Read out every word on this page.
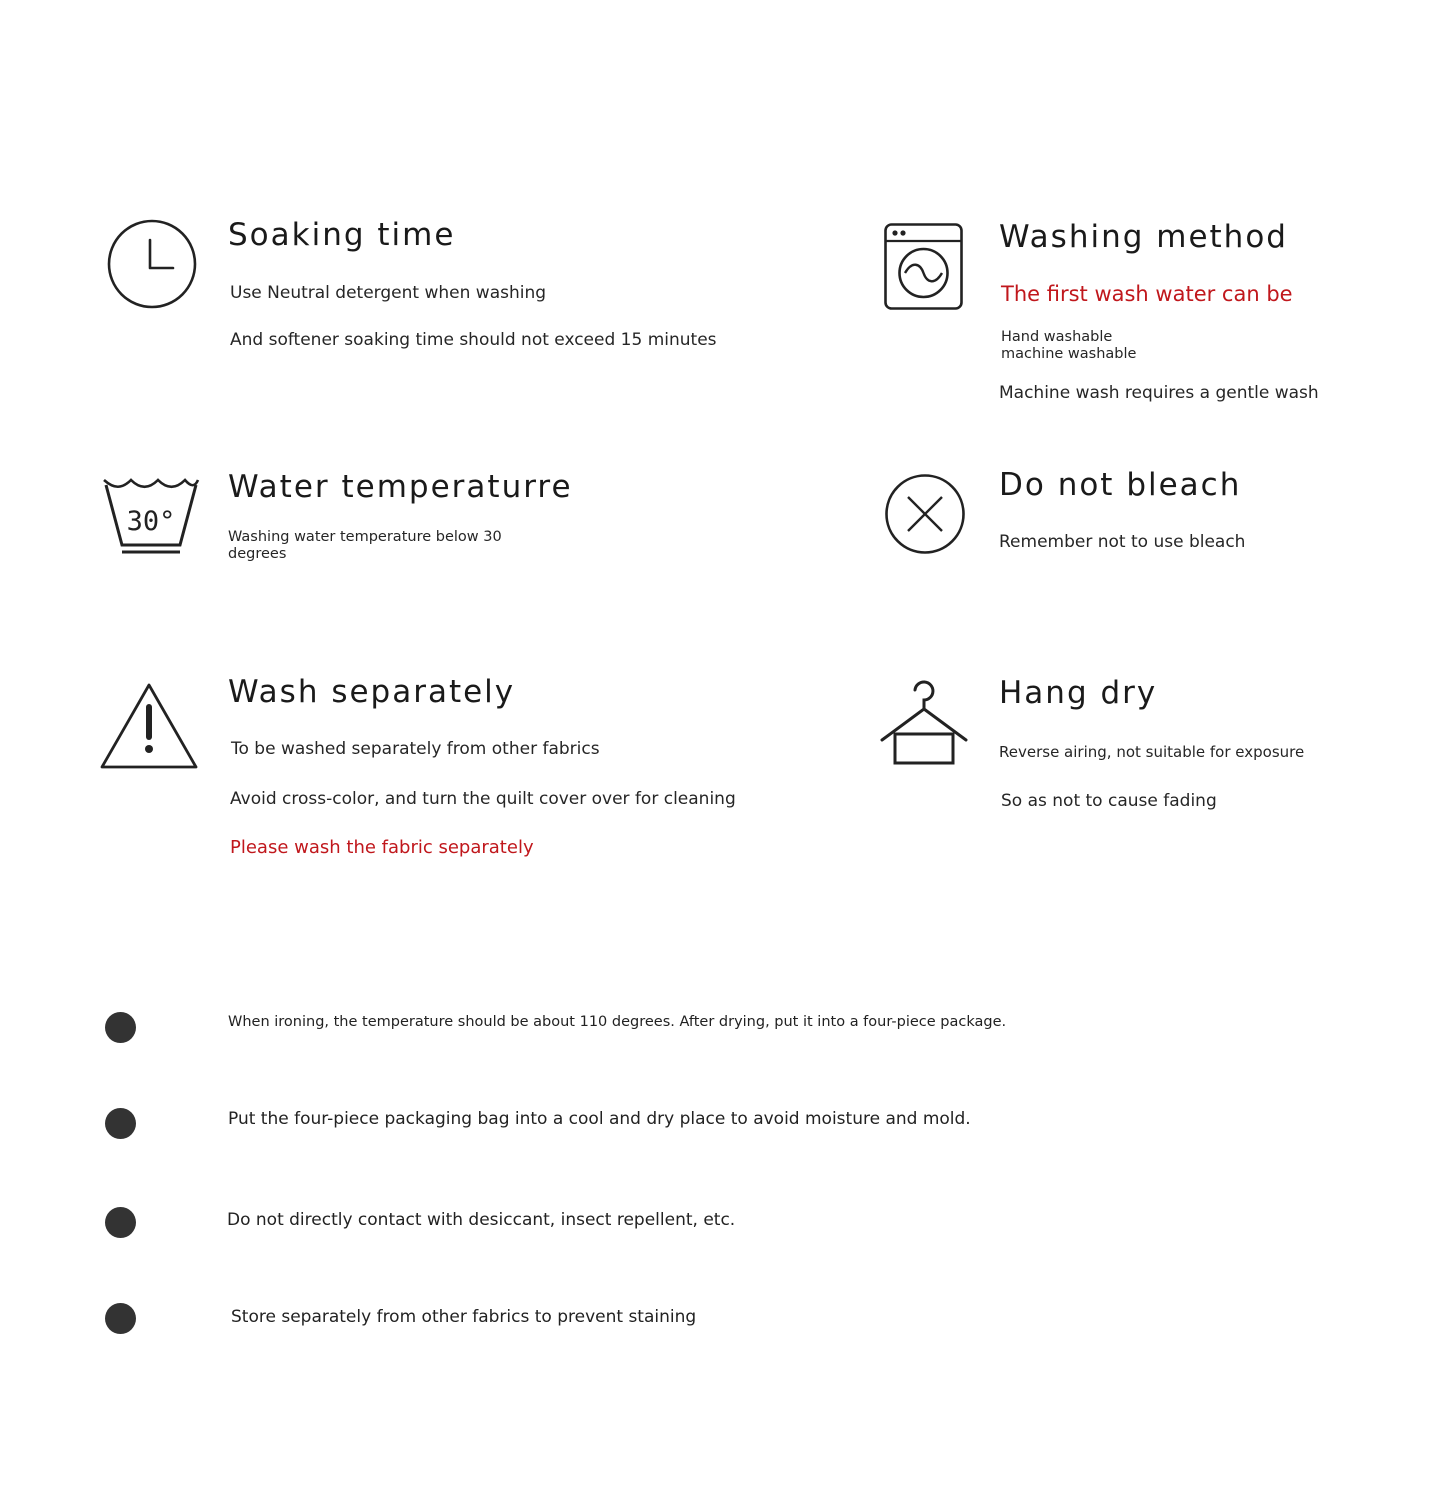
Soaking time
Use Neutral detergent when washing
And softener soaking time should not exceed 15 minutes
Washing method
The first wash water can be
Hand washable machine washable
Machine wash requires a gentle wash
30°
Water temperaturre
Washing water temperature below 30 degrees
Do not bleach
Remember not to use bleach
Wash separately
To be washed separately from other fabrics
Avoid cross-color, and turn the quilt cover over for cleaning
Please wash the fabric separately
Hang dry
Reverse airing, not suitable for exposure
So as not to cause fading
When ironing, the temperature should be about 110 degrees. After drying, put it into a four-piece package.
Put the four-piece packaging bag into a cool and dry place to avoid moisture and mold.
Do not directly contact with desiccant, insect repellent, etc.
Store separately from other fabrics to prevent staining
